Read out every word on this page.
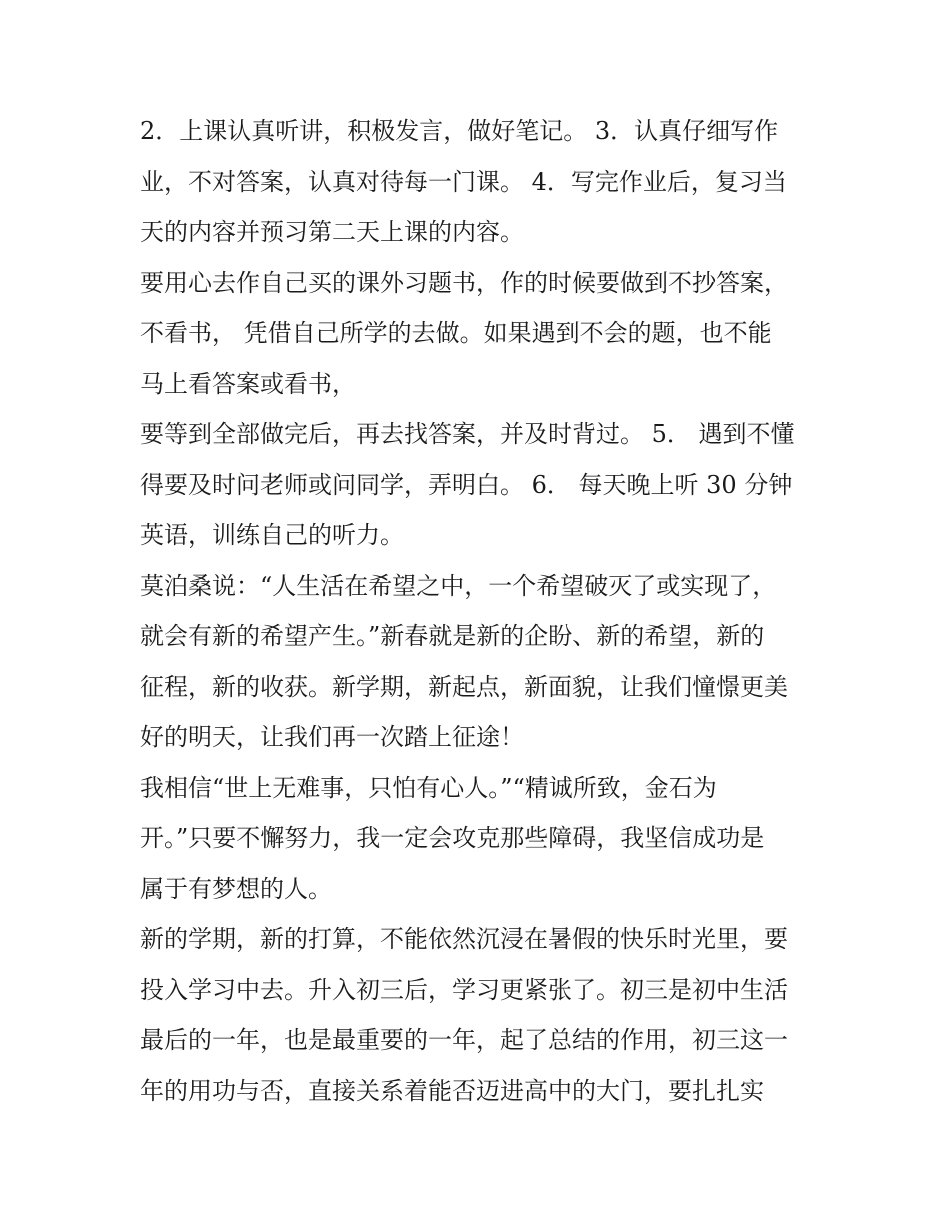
2．上课认真听讲，积极发言，做好笔记。 3．认真仔细写作
业，不对答案，认真对待每一门课。 4．写完作业后，复习当
天的内容并预习第二天上课的内容。
要用心去作自己买的课外习题书，作的时候要做到不抄答案，
不看书， 凭借自己所学的去做。如果遇到不会的题，也不能
马上看答案或看书，
要等到全部做完后，再去找答案，并及时背过。 5． 遇到不懂
得要及时问老师或问同学，弄明白。 6． 每天晚上听 30 分钟
英语，训练自己的听力。
莫泊桑说：“人生活在希望之中，一个希望破灭了或实现了，
就会有新的希望产生。”新春就是新的企盼、新的希望，新的
征程，新的收获。新学期，新起点，新面貌，让我们憧憬更美
好的明天，让我们再一次踏上征途！
我相信“世上无难事，只怕有心人。”“精诚所致，金石为
开。”只要不懈努力，我一定会攻克那些障碍，我坚信成功是
属于有梦想的人。
新的学期，新的打算，不能依然沉浸在暑假的快乐时光里，要
投入学习中去。升入初三后，学习更紧张了。初三是初中生活
最后的一年，也是最重要的一年，起了总结的作用，初三这一
年的用功与否，直接关系着能否迈进高中的大门，要扎扎实
